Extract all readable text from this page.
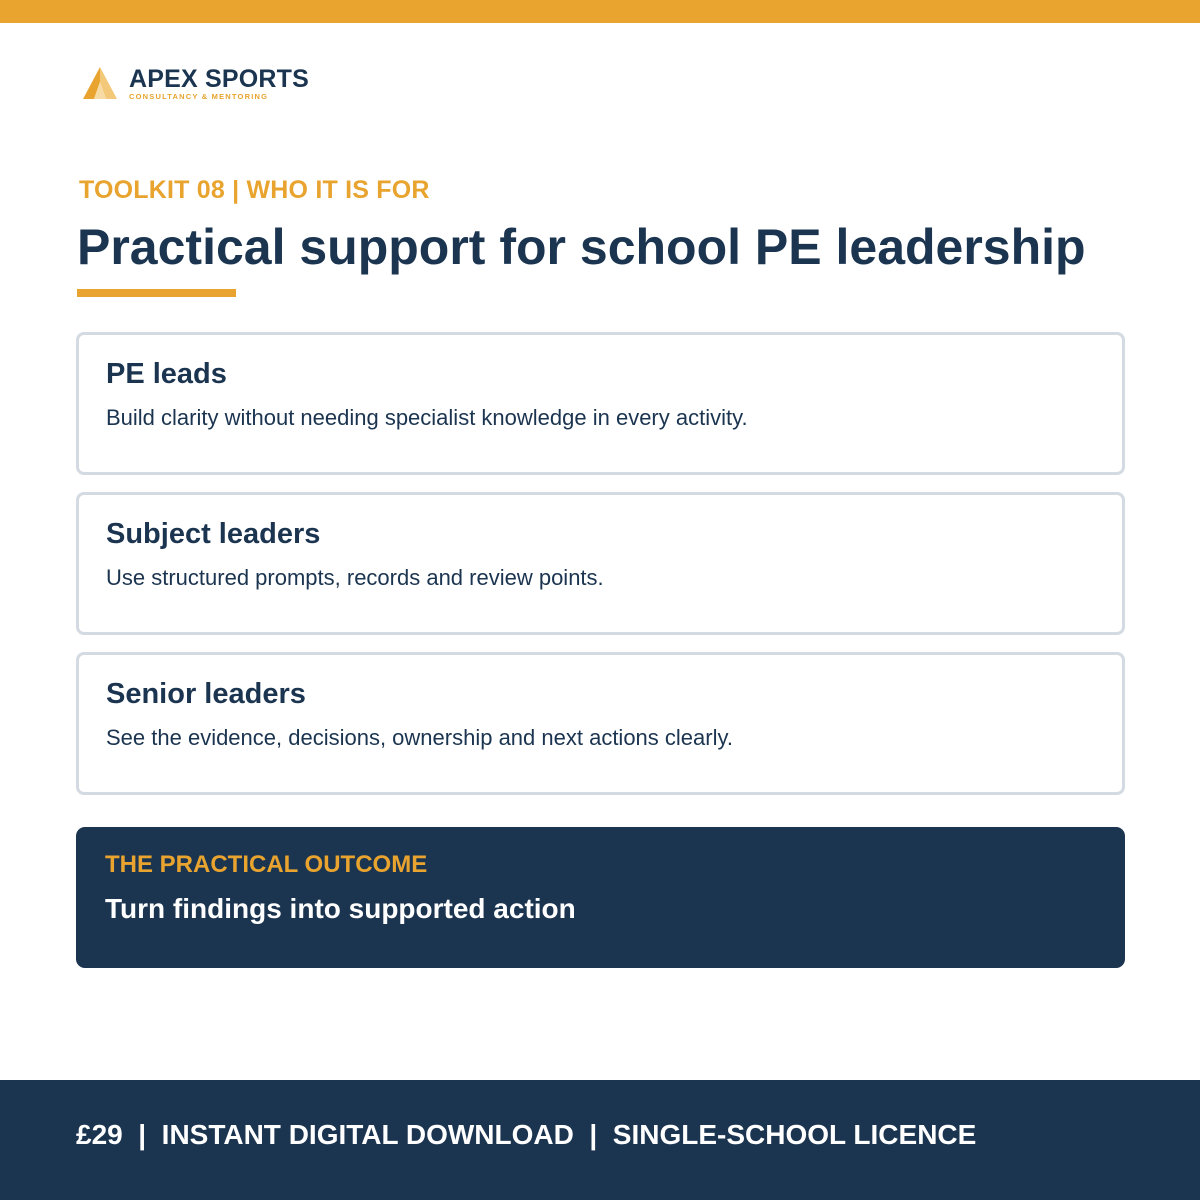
APEX SPORTS
CONSULTANCY & MENTORING
TOOLKIT 08 | WHO IT IS FOR
Practical support for school PE leadership
PE leads
Build clarity without needing specialist knowledge in every activity.
Subject leaders
Use structured prompts, records and review points.
Senior leaders
See the evidence, decisions, ownership and next actions clearly.
THE PRACTICAL OUTCOME
Turn findings into supported action
£29  |  INSTANT DIGITAL DOWNLOAD  |  SINGLE-SCHOOL LICENCE
